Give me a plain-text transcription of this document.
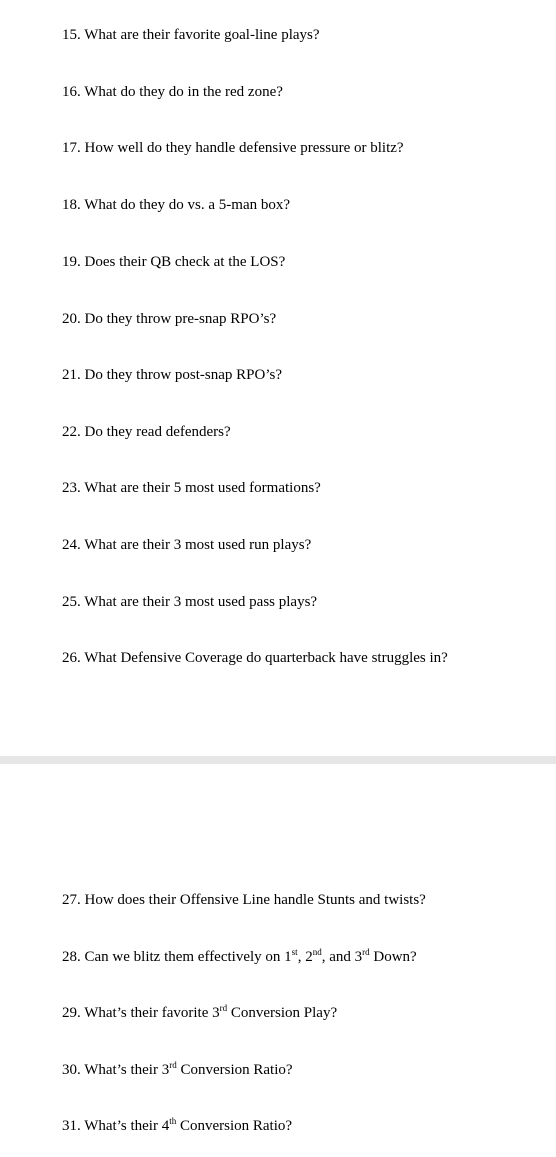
15. What are their favorite goal-line plays?
16. What do they do in the red zone?
17. How well do they handle defensive pressure or blitz?
18. What do they do vs. a 5-man box?
19. Does their QB check at the LOS?
20. Do they throw pre-snap RPO’s?
21. Do they throw post-snap RPO’s?
22. Do they read defenders?
23. What are their 5 most used formations?
24. What are their 3 most used run plays?
25. What are their 3 most used pass plays?
26. What Defensive Coverage do quarterback have struggles in?
27. How does their Offensive Line handle Stunts and twists?
28. Can we blitz them effectively on 1st, 2nd, and 3rd Down?
29. What’s their favorite 3rd Conversion Play?
30. What’s their 3rd Conversion Ratio?
31. What’s their 4th Conversion Ratio?
